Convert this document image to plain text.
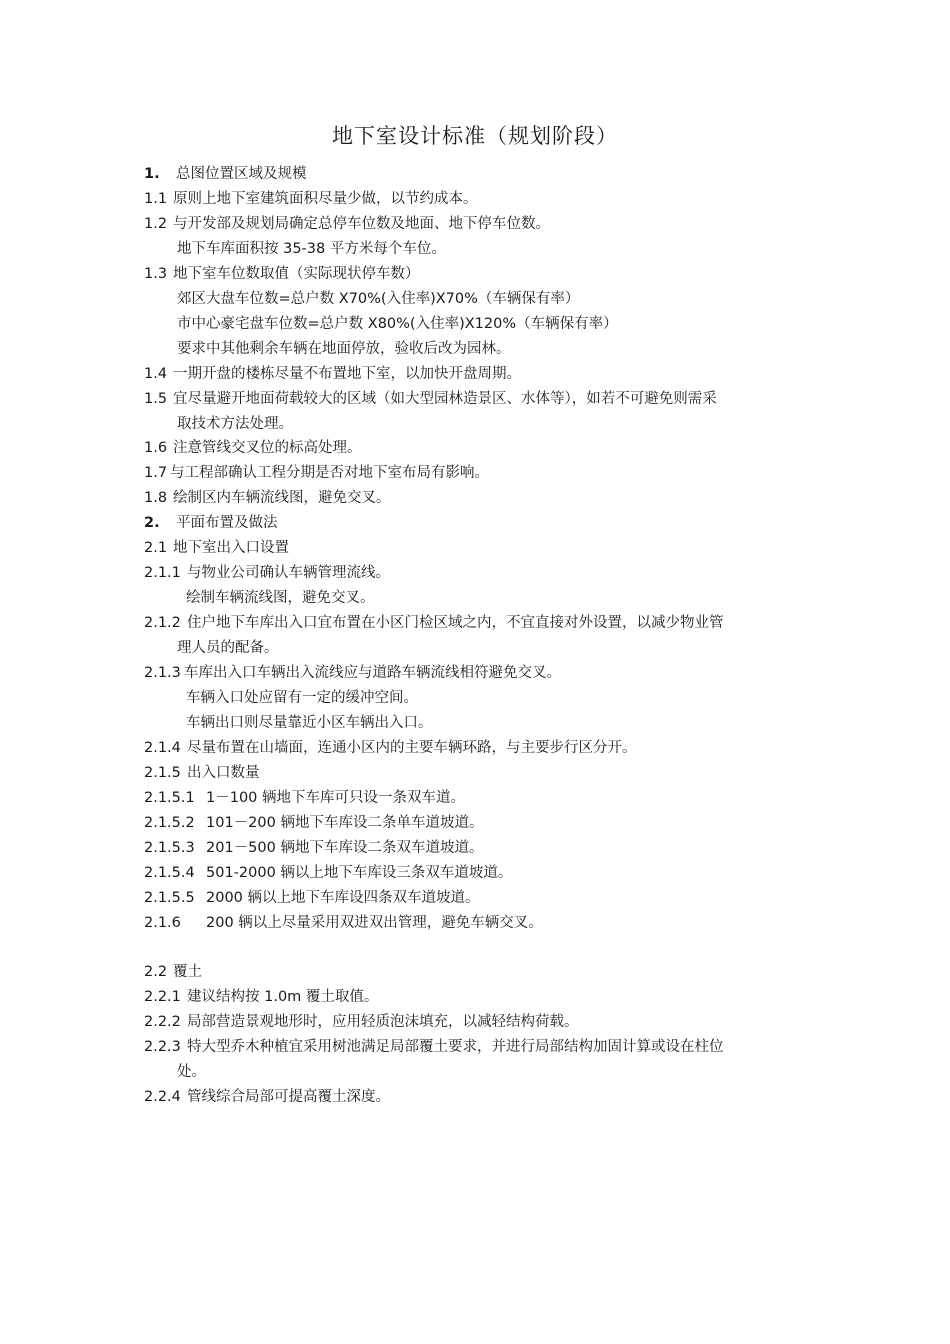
地下室设计标准（规划阶段）
1. 总图位置区域及规模
1.1 原则上地下室建筑面积尽量少做，以节约成本。
1.2 与开发部及规划局确定总停车位数及地面、地下停车位数。
地下车库面积按 35-38 平方米每个车位。
1.3 地下室车位数取值（实际现状停车数）
郊区大盘车位数=总户数 X70%(入住率)X70%（车辆保有率）
市中心豪宅盘车位数=总户数 X80%(入住率)X120%（车辆保有率）
要求中其他剩余车辆在地面停放，验收后改为园林。
1.4 一期开盘的楼栋尽量不布置地下室，以加快开盘周期。
1.5 宜尽量避开地面荷载较大的区域（如大型园林造景区、水体等），如若不可避免则需采
取技术方法处理。
1.6 注意管线交叉位的标高处理。
1.7 与工程部确认工程分期是否对地下室布局有影响。
1.8 绘制区内车辆流线图，避免交叉。
2. 平面布置及做法
2.1 地下室出入口设置
2.1.1 与物业公司确认车辆管理流线。
绘制车辆流线图，避免交叉。
2.1.2 住户地下车库出入口宜布置在小区门检区域之内，不宜直接对外设置，以减少物业管
理人员的配备。
2.1.3 车库出入口车辆出入流线应与道路车辆流线相符避免交叉。
车辆入口处应留有一定的缓冲空间。
车辆出口则尽量靠近小区车辆出入口。
2.1.4 尽量布置在山墙面，连通小区内的主要车辆环路，与主要步行区分开。
2.1.5 出入口数量
2.1.5.1 1－100 辆地下车库可只设一条双车道。
2.1.5.2 101－200 辆地下车库设二条单车道坡道。
2.1.5.3 201－500 辆地下车库设二条双车道坡道。
2.1.5.4 501-2000 辆以上地下车库设三条双车道坡道。
2.1.5.5 2000 辆以上地下车库设四条双车道坡道。
2.1.6 200 辆以上尽量采用双进双出管理，避免车辆交叉。
2.2 覆土
2.2.1 建议结构按 1.0m 覆土取值。
2.2.2 局部营造景观地形时，应用轻质泡沫填充，以减轻结构荷载。
2.2.3 特大型乔木种植宜采用树池满足局部覆土要求，并进行局部结构加固计算或设在柱位
处。
2.2.4 管线综合局部可提高覆土深度。
